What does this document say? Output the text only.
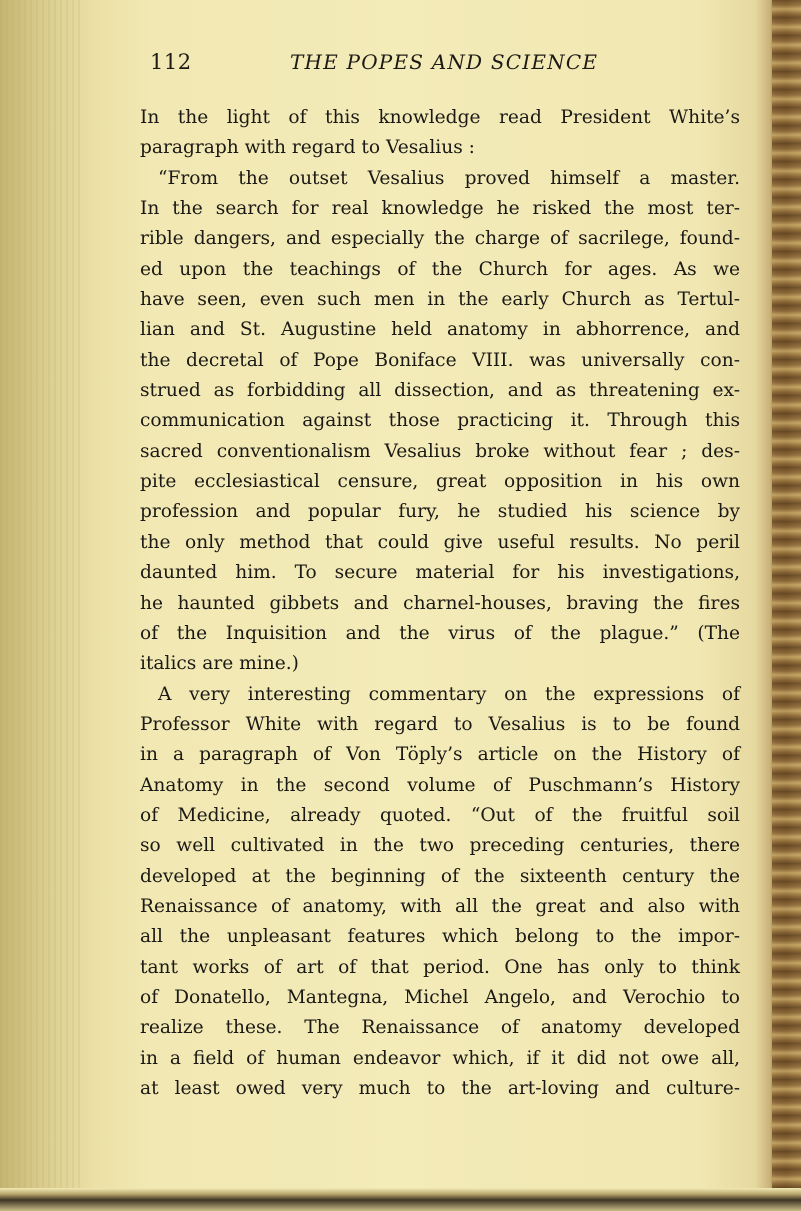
112	THE POPES AND SCIENCE
In the light of this knowledge read President White’s
paragraph with regard to Vesalius :
“From the outset Vesalius proved himself a master.
In the search for real knowledge he risked the most ter-
rible dangers, and especially the charge of sacrilege, found-
ed upon the teachings of the Church for ages. As we
have seen, even such men in the early Church as Tertul-
lian and St. Augustine held anatomy in abhorrence, and
the decretal of Pope Boniface VIII. was universally con-
strued as forbidding all dissection, and as threatening ex-
communication against those practicing it. Through this
sacred conventionalism Vesalius broke without fear ; des-
pite ecclesiastical censure, great opposition in his own
profession and popular fury, he studied his science by
the only method that could give useful results. No peril
daunted him. To secure material for his investigations,
he haunted gibbets and charnel-houses, braving the fires
of the Inquisition and the virus of the plague.” (The
italics are mine.)
A very interesting commentary on the expressions of
Professor White with regard to Vesalius is to be found
in a paragraph of Von Töply’s article on the History of
Anatomy in the second volume of Puschmann’s History
of Medicine, already quoted. “Out of the fruitful soil
so well cultivated in the two preceding centuries, there
developed at the beginning of the sixteenth century the
Renaissance of anatomy, with all the great and also with
all the unpleasant features which belong to the impor-
tant works of art of that period. One has only to think
of Donatello, Mantegna, Michel Angelo, and Verochio to
realize these. The Renaissance of anatomy developed
in a field of human endeavor which, if it did not owe all,
at least owed very much to the art-loving and culture-
